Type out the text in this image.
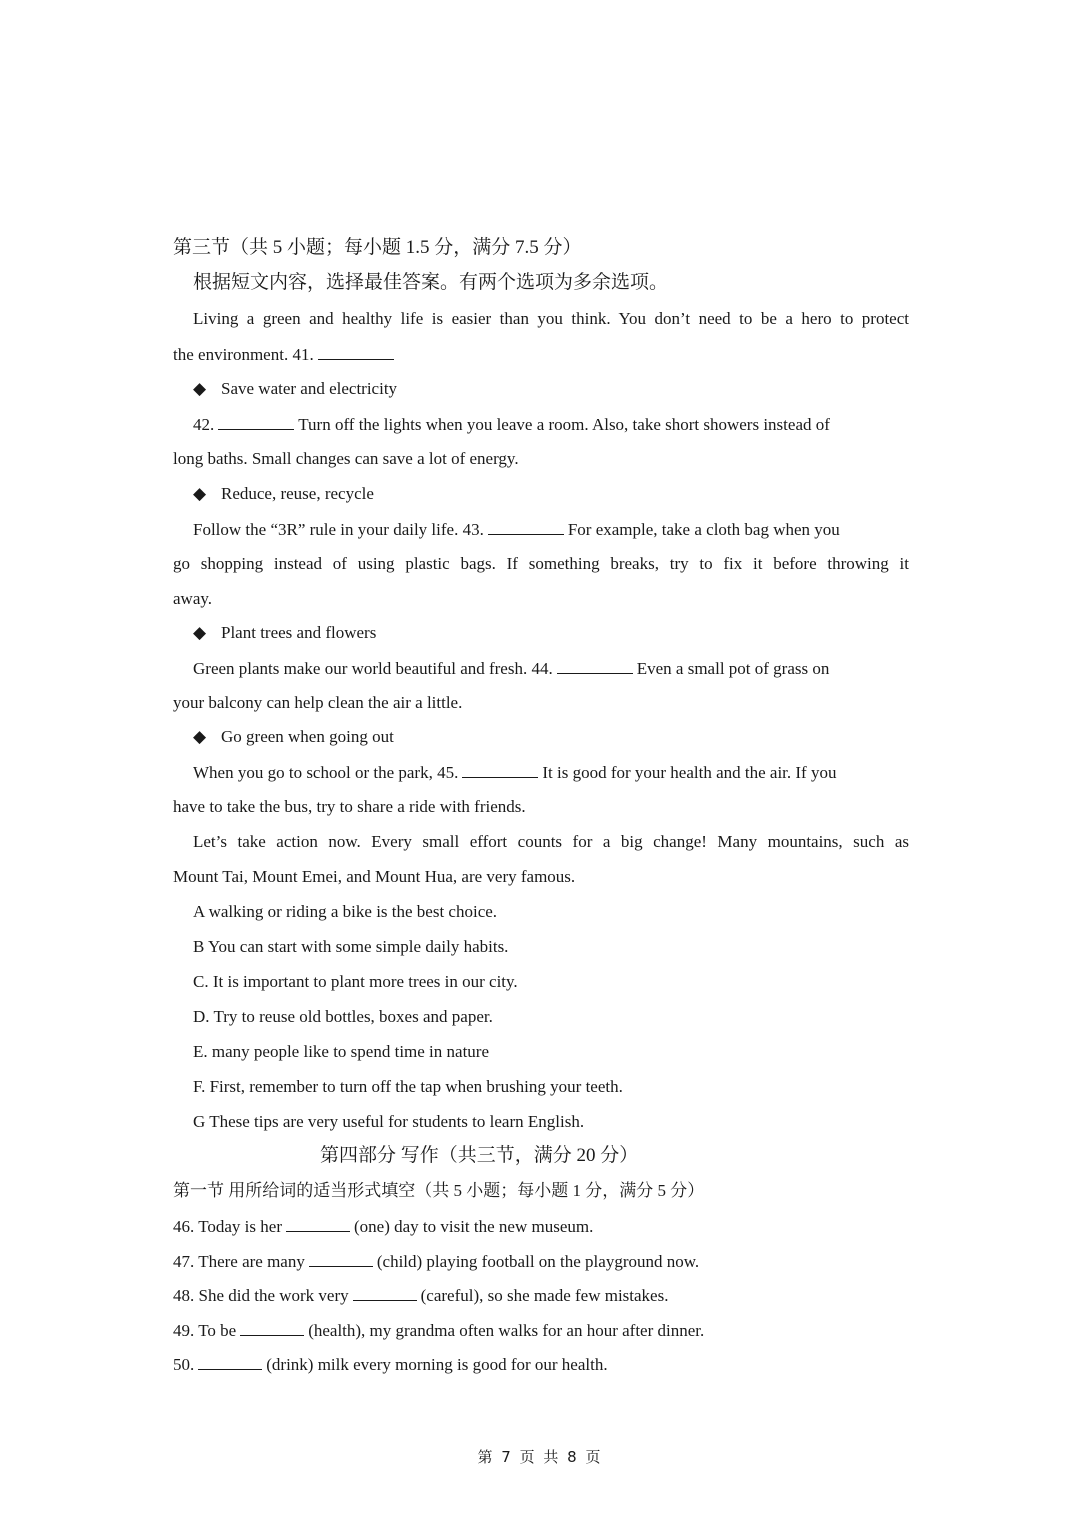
第三节（共 5 小题；每小题 1.5 分，满分 7.5 分）
根据短文内容，选择最佳答案。有两个选项为多余选项。
Living a green and healthy life is easier than you think. You don’t need to be a hero to protect
the environment. 41.
◆ Save water and electricity
42.	Turn off the lights when you leave a room. Also, take short showers instead of
long baths. Small changes can save a lot of energy.
◆ Reduce, reuse, recycle
Follow the “3R” rule in your daily life. 43.	For example, take a cloth bag when you
go shopping instead of using plastic bags. If something breaks, try to fix it before throwing it
away.
◆ Plant trees and flowers
Green plants make our world beautiful and fresh. 44.	Even a small pot of grass on
your balcony can help clean the air a little.
◆ Go green when going out
When you go to school or the park, 45.	It is good for your health and the air. If you
have to take the bus, try to share a ride with friends.
Let’s take action now. Every small effort counts for a big change! Many mountains, such as
Mount Tai, Mount Emei, and Mount Hua, are very famous.
A walking or riding a bike is the best choice.
B You can start with some simple daily habits.
C. It is important to plant more trees in our city.
D. Try to reuse old bottles, boxes and paper.
E. many people like to spend time in nature
F. First, remember to turn off the tap when brushing your teeth.
G These tips are very useful for students to learn English.
第四部分 写作（共三节，满分 20 分）
第一节 用所给词的适当形式填空（共 5 小题；每小题 1 分，满分 5 分）
46. Today is her	(one) day to visit the new museum.
47. There are many	(child) playing football on the playground now.
48. She did the work very	(careful), so she made few mistakes.
49. To be	(health), my grandma often walks for an hour after dinner.
50.	(drink) milk every morning is good for our health.
第 7 页 共 8 页
